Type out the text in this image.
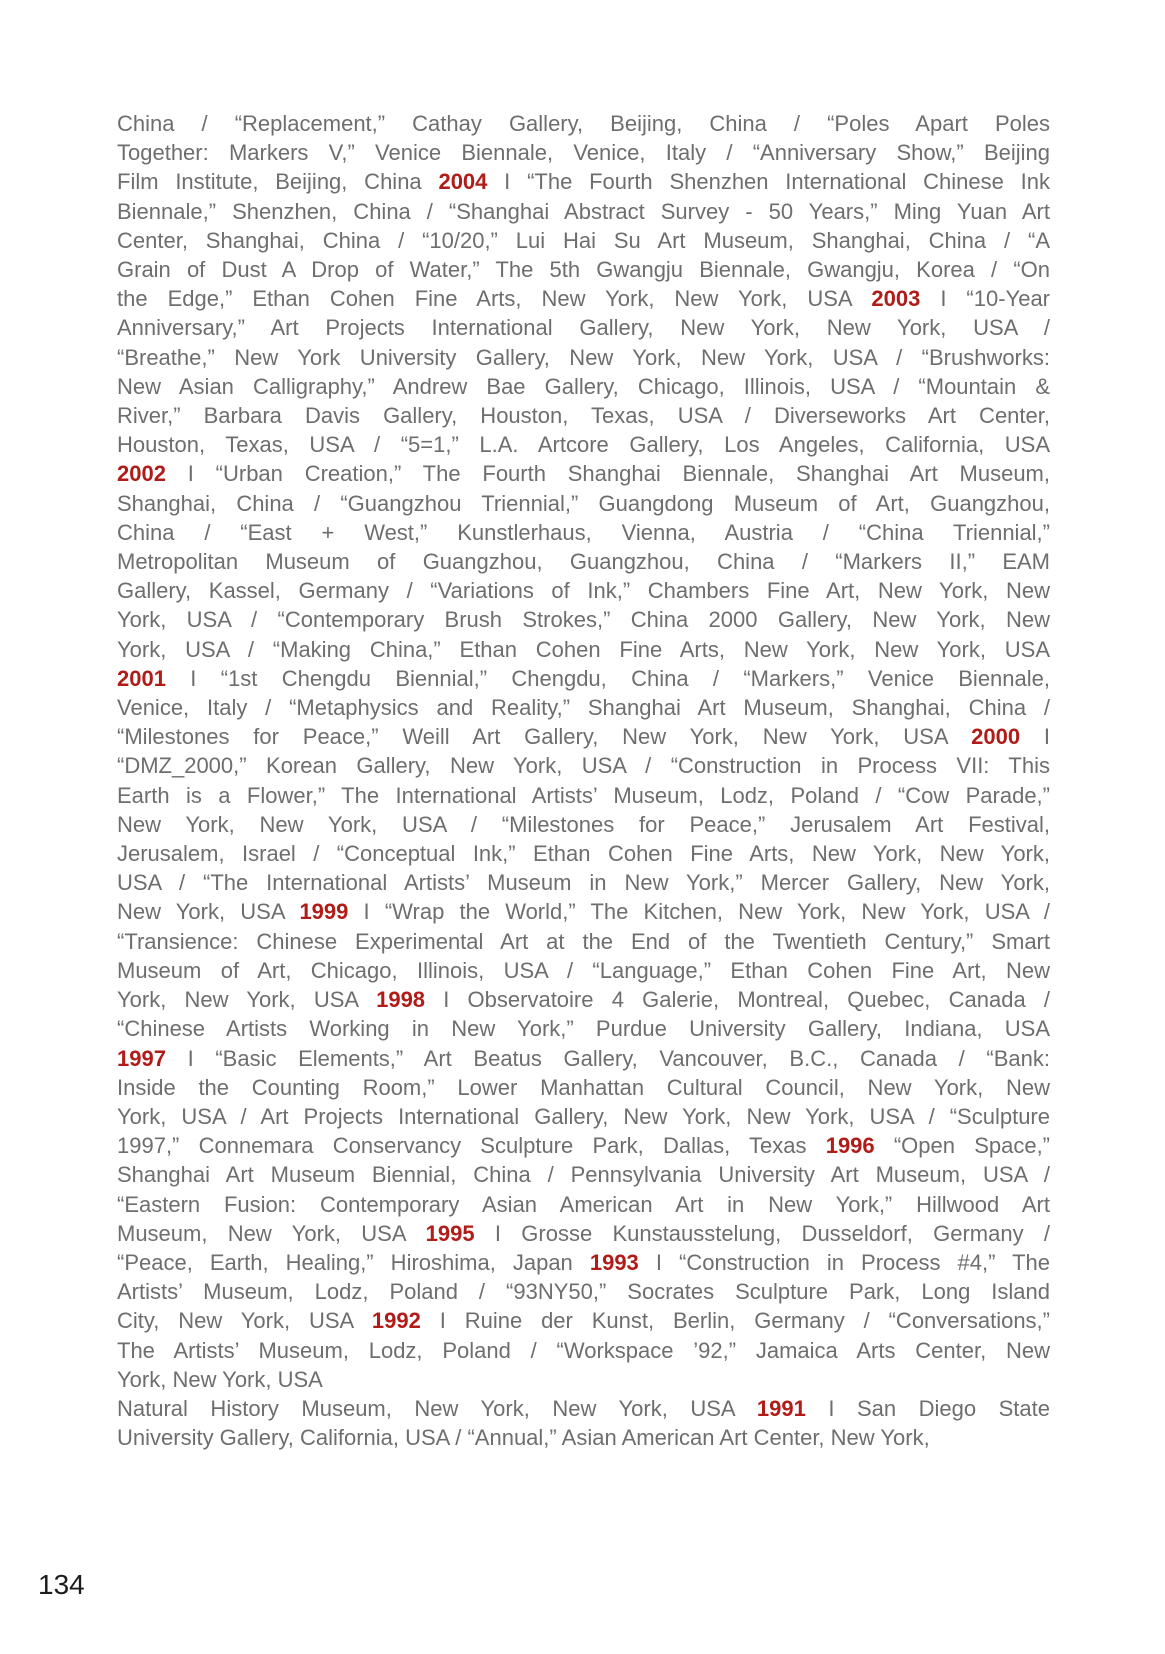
China / “Replacement,” Cathay Gallery, Beijing, China / “Poles Apart Poles
Together: Markers V,” Venice Biennale, Venice, Italy / “Anniversary Show,” Beijing
Film Institute, Beijing, China 2004 I “The Fourth Shenzhen International Chinese Ink
Biennale,” Shenzhen, China / “Shanghai Abstract Survey - 50 Years,” Ming Yuan Art
Center, Shanghai, China / “10/20,” Lui Hai Su Art Museum, Shanghai, China / “A
Grain of Dust A Drop of Water,” The 5th Gwangju Biennale, Gwangju, Korea / “On
the Edge,” Ethan Cohen Fine Arts, New York, New York, USA 2003 I “10-Year
Anniversary,” Art Projects International Gallery, New York, New York, USA /
“Breathe,” New York University Gallery, New York, New York, USA / “Brushworks:
New Asian Calligraphy,” Andrew Bae Gallery, Chicago, Illinois, USA / “Mountain &
River,” Barbara Davis Gallery, Houston, Texas, USA / Diverseworks Art Center,
Houston, Texas, USA / “5=1,” L.A. Artcore Gallery, Los Angeles, California, USA
2002 I “Urban Creation,” The Fourth Shanghai Biennale, Shanghai Art Museum,
Shanghai, China / “Guangzhou Triennial,” Guangdong Museum of Art, Guangzhou,
China / “East + West,” Kunstlerhaus, Vienna, Austria / “China Triennial,”
Metropolitan Museum of Guangzhou, Guangzhou, China / “Markers II,” EAM
Gallery, Kassel, Germany / “Variations of Ink,” Chambers Fine Art, New York, New
York, USA / “Contemporary Brush Strokes,” China 2000 Gallery, New York, New
York, USA / “Making China,” Ethan Cohen Fine Arts, New York, New York, USA
2001 I “1st Chengdu Biennial,” Chengdu, China / “Markers,” Venice Biennale,
Venice, Italy / “Metaphysics and Reality,” Shanghai Art Museum, Shanghai, China /
“Milestones for Peace,” Weill Art Gallery, New York, New York, USA 2000 I
“DMZ_2000,” Korean Gallery, New York, USA / “Construction in Process VII: This
Earth is a Flower,” The International Artists’ Museum, Lodz, Poland / “Cow Parade,”
New York, New York, USA / “Milestones for Peace,” Jerusalem Art Festival,
Jerusalem, Israel / “Conceptual Ink,” Ethan Cohen Fine Arts, New York, New York,
USA / “The International Artists’ Museum in New York,” Mercer Gallery, New York,
New York, USA 1999 I “Wrap the World,” The Kitchen, New York, New York, USA /
“Transience: Chinese Experimental Art at the End of the Twentieth Century,” Smart
Museum of Art, Chicago, Illinois, USA / “Language,” Ethan Cohen Fine Art, New
York, New York, USA 1998 I Observatoire 4 Galerie, Montreal, Quebec, Canada /
“Chinese Artists Working in New York,” Purdue University Gallery, Indiana, USA
1997 I “Basic Elements,” Art Beatus Gallery, Vancouver, B.C., Canada / “Bank:
Inside the Counting Room,” Lower Manhattan Cultural Council, New York, New
York, USA / Art Projects International Gallery, New York, New York, USA / “Sculpture
1997,” Connemara Conservancy Sculpture Park, Dallas, Texas 1996 “Open Space,”
Shanghai Art Museum Biennial, China / Pennsylvania University Art Museum, USA /
“Eastern Fusion: Contemporary Asian American Art in New York,” Hillwood Art
Museum, New York, USA 1995 I Grosse Kunstausstelung, Dusseldorf, Germany /
“Peace, Earth, Healing,” Hiroshima, Japan 1993 I “Construction in Process #4,” The
Artists’ Museum, Lodz, Poland / “93NY50,” Socrates Sculpture Park, Long Island
City, New York, USA 1992 I Ruine der Kunst, Berlin, Germany / “Conversations,”
The Artists’ Museum, Lodz, Poland / “Workspace ’92,” Jamaica Arts Center, New
York, New York, USA
Natural History Museum, New York, New York, USA 1991 I San Diego State
University Gallery, California, USA / “Annual,” Asian American Art Center, New York,
134
